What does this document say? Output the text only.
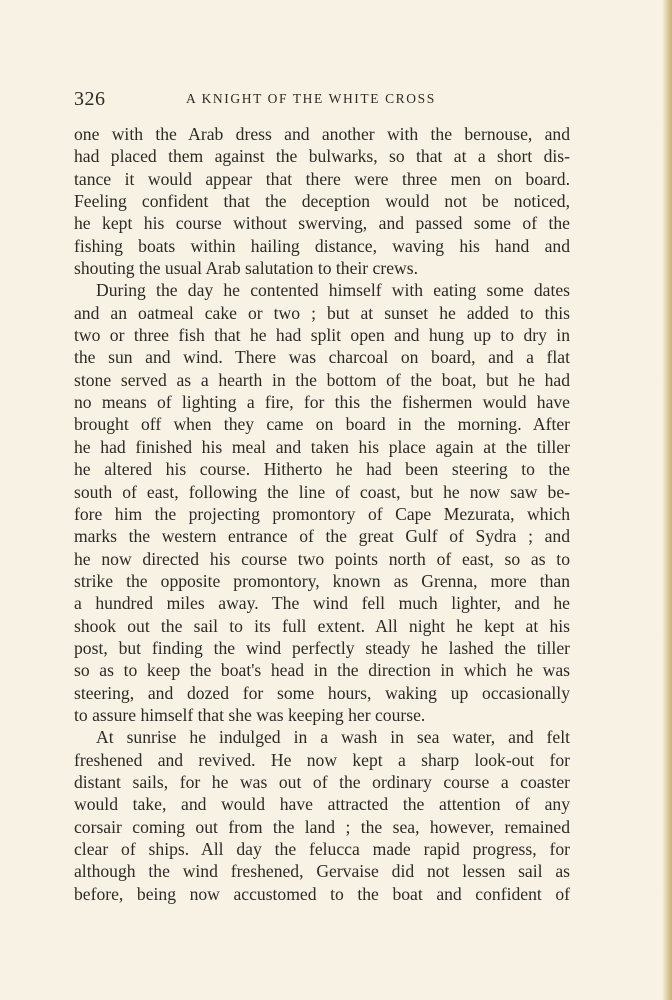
326	A KNIGHT OF THE WHITE CROSS
one with the Arab dress and another with the bernouse, and
had placed them against the bulwarks, so that at a short dis-
tance it would appear that there were three men on board.
Feeling confident that the deception would not be noticed,
he kept his course without swerving, and passed some of the
fishing boats within hailing distance, waving his hand and
shouting the usual Arab salutation to their crews.
During the day he contented himself with eating some dates
and an oatmeal cake or two ; but at sunset he added to this
two or three fish that he had split open and hung up to dry in
the sun and wind. There was charcoal on board, and a flat
stone served as a hearth in the bottom of the boat, but he had
no means of lighting a fire, for this the fishermen would have
brought off when they came on board in the morning. After
he had finished his meal and taken his place again at the tiller
he altered his course. Hitherto he had been steering to the
south of east, following the line of coast, but he now saw be-
fore him the projecting promontory of Cape Mezurata, which
marks the western entrance of the great Gulf of Sydra ; and
he now directed his course two points north of east, so as to
strike the opposite promontory, known as Grenna, more than
a hundred miles away. The wind fell much lighter, and he
shook out the sail to its full extent. All night he kept at his
post, but finding the wind perfectly steady he lashed the tiller
so as to keep the boat's head in the direction in which he was
steering, and dozed for some hours, waking up occasionally
to assure himself that she was keeping her course.
At sunrise he indulged in a wash in sea water, and felt
freshened and revived. He now kept a sharp look-out for
distant sails, for he was out of the ordinary course a coaster
would take, and would have attracted the attention of any
corsair coming out from the land ; the sea, however, remained
clear of ships. All day the felucca made rapid progress, for
although the wind freshened, Gervaise did not lessen sail as
before, being now accustomed to the boat and confident of
